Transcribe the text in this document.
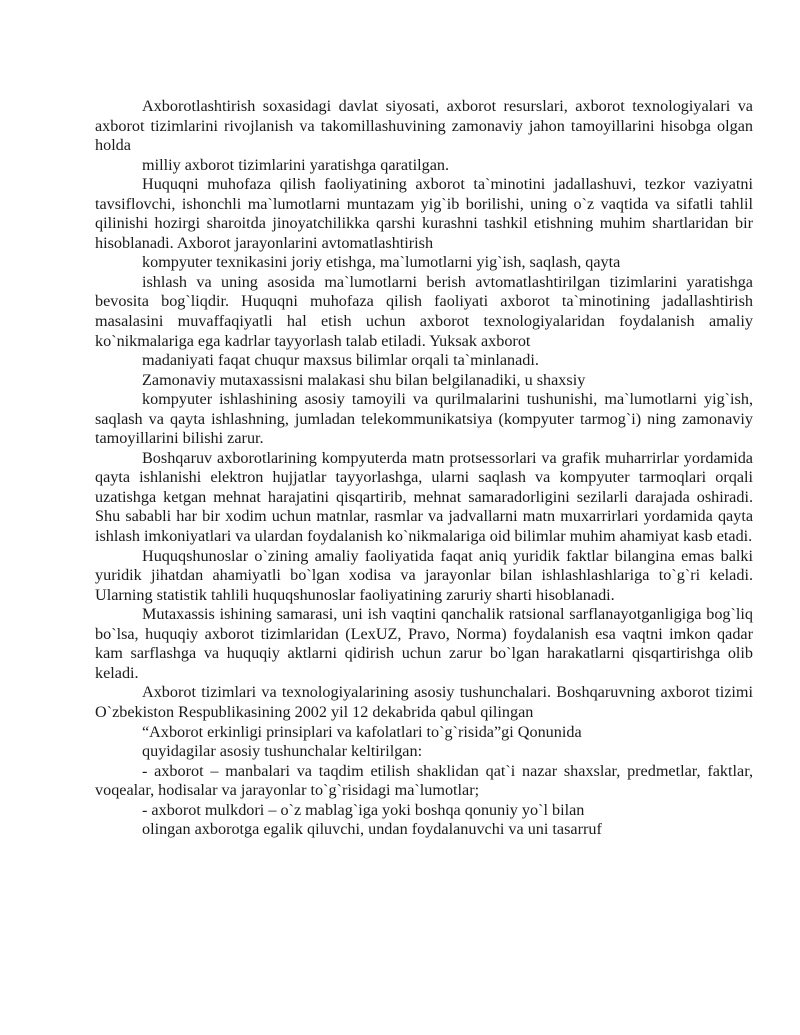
Axborotlashtirish soxasidagi davlat siyosati, axborot resurslari, axborot texnologiyalari va axborot tizimlarini rivojlanish va takomillashuvining zamonaviy jahon tamoyillarini hisobga olgan holda

milliy axborot tizimlarini yaratishga qaratilgan.

Huquqni muhofaza qilish faoliyatining axborot ta`minotini jadallashuvi, tezkor vaziyatni tavsiflovchi, ishonchli ma`lumotlarni muntazam yig`ib borilishi, uning o`z vaqtida va sifatli tahlil qilinishi hozirgi sharoitda jinoyatchilikka qarshi kurashni tashkil etishning muhim shartlaridan bir hisoblanadi. Axborot jarayonlarini avtomatlashtirish

kompyuter texnikasini joriy etishga, ma`lumotlarni yig`ish, saqlash, qayta

ishlash va uning asosida ma`lumotlarni berish avtomatlashtirilgan tizimlarini yaratishga bevosita bog`liqdir. Huquqni muhofaza qilish faoliyati axborot ta`minotining jadallashtirish masalasini muvaffaqiyatli hal etish uchun axborot texnologiyalaridan foydalanish amaliy ko`nikmalariga ega kadrlar tayyorlash talab etiladi. Yuksak axborot

madaniyati faqat chuqur maxsus bilimlar orqali ta`minlanadi.

Zamonaviy mutaxassisni malakasi shu bilan belgilanadiki, u shaxsiy

kompyuter ishlashining asosiy tamoyili va qurilmalarini tushunishi, ma`lumotlarni yig`ish, saqlash va qayta ishlashning, jumladan telekommunikatsiya (kompyuter tarmog`i) ning zamonaviy tamoyillarini bilishi zarur.

Boshqaruv axborotlarining kompyuterda matn protsessorlari va grafik muharrirlar yordamida qayta ishlanishi elektron hujjatlar tayyorlashga, ularni saqlash va kompyuter tarmoqlari orqali uzatishga ketgan mehnat harajatini qisqartirib, mehnat samaradorligini sezilarli darajada oshiradi. Shu sababli har bir xodim uchun matnlar, rasmlar va jadvallarni matn muxarrirlari yordamida qayta ishlash imkoniyatlari va ulardan foydalanish ko`nikmalariga oid bilimlar muhim ahamiyat kasb etadi.

Huquqshunoslar o`zining amaliy faoliyatida faqat aniq yuridik faktlar bilangina emas balki yuridik jihatdan ahamiyatli bo`lgan xodisa va jarayonlar bilan ishlashlashlariga to`g`ri keladi. Ularning statistik tahlili huquqshunoslar faoliyatining zaruriy sharti hisoblanadi.

Mutaxassis ishining samarasi, uni ish vaqtini qanchalik ratsional sarflanayotganligiga bog`liq bo`lsa, huquqiy axborot tizimlaridan (LexUZ, Pravo, Norma) foydalanish esa vaqtni imkon qadar kam sarflashga va huquqiy aktlarni qidirish uchun zarur bo`lgan harakatlarni qisqartirishga olib keladi.

Axborot tizimlari va texnologiyalarining asosiy tushunchalari. Boshqaruvning axborot tizimi O`zbekiston Respublikasining 2002 yil 12 dekabrida qabul qilingan

“Axborot erkinligi prinsiplari va kafolatlari to`g`risida”gi Qonunida

quyidagilar asosiy tushunchalar keltirilgan:

- axborot – manbalari va taqdim etilish shaklidan qat`i nazar shaxslar, predmetlar, faktlar, voqealar, hodisalar va jarayonlar to`g`risidagi ma`lumotlar;

- axborot mulkdori – o`z mablag`iga yoki boshqa qonuniy yo`l bilan

olingan axborotga egalik qiluvchi, undan foydalanuvchi va uni tasarruf
